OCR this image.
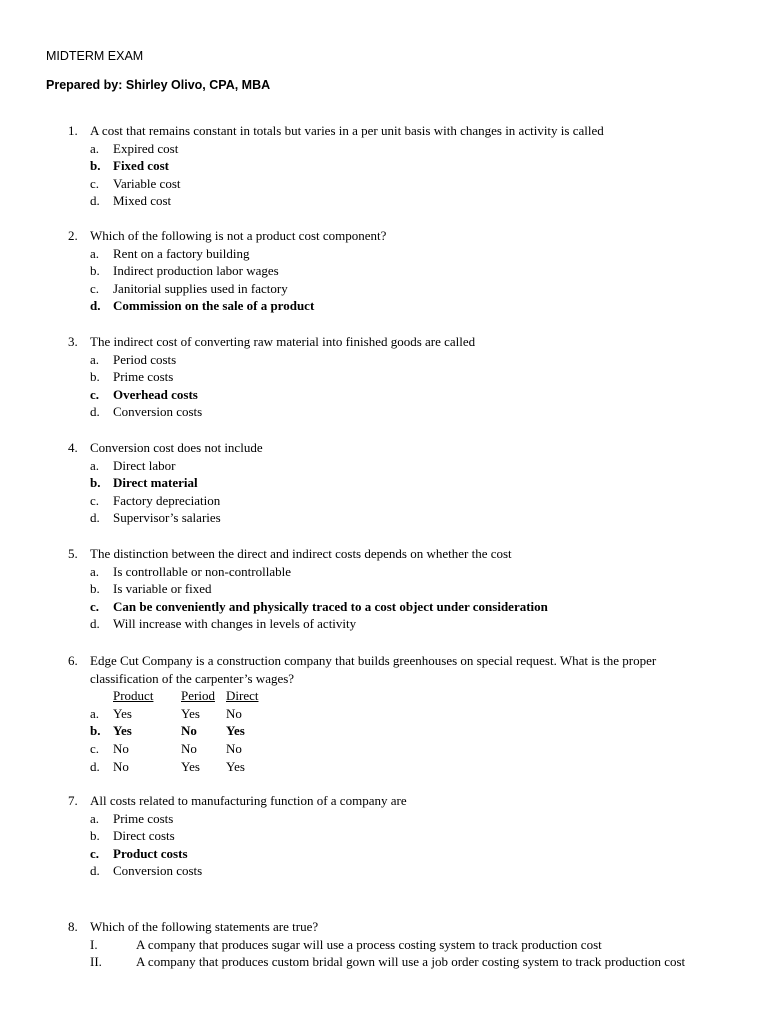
MIDTERM EXAM
Prepared by: Shirley Olivo, CPA, MBA
1. A cost that remains constant in totals but varies in a per unit basis with changes in activity is called
a. Expired cost
b. Fixed cost
c. Variable cost
d. Mixed cost
2. Which of the following is not a product cost component?
a. Rent on a factory building
b. Indirect production labor wages
c. Janitorial supplies used in factory
d. Commission on the sale of a product
3. The indirect cost of converting raw material into finished goods are called
a. Period costs
b. Prime costs
c. Overhead costs
d. Conversion costs
4. Conversion cost does not include
a. Direct labor
b. Direct material
c. Factory depreciation
d. Supervisor’s salaries
5. The distinction between the direct and indirect costs depends on whether the cost
a. Is controllable or non-controllable
b. Is variable or fixed
c. Can be conveniently and physically traced to a cost object under consideration
d. Will increase with changes in levels of activity
6. Edge Cut Company is a construction company that builds greenhouses on special request. What is the proper
classification of the carpenter’s wages?
Product Period Direct
a. Yes	Yes No
b. Yes	No Yes
c. No	No No
d. No	Yes Yes
7. All costs related to manufacturing function of a company are
a. Prime costs
b. Direct costs
c. Product costs
d. Conversion costs
8. Which of the following statements are true?
I.	A company that produces sugar will use a process costing system to track production cost
II.	A company that produces custom bridal gown will use a job order costing system to track production cost
